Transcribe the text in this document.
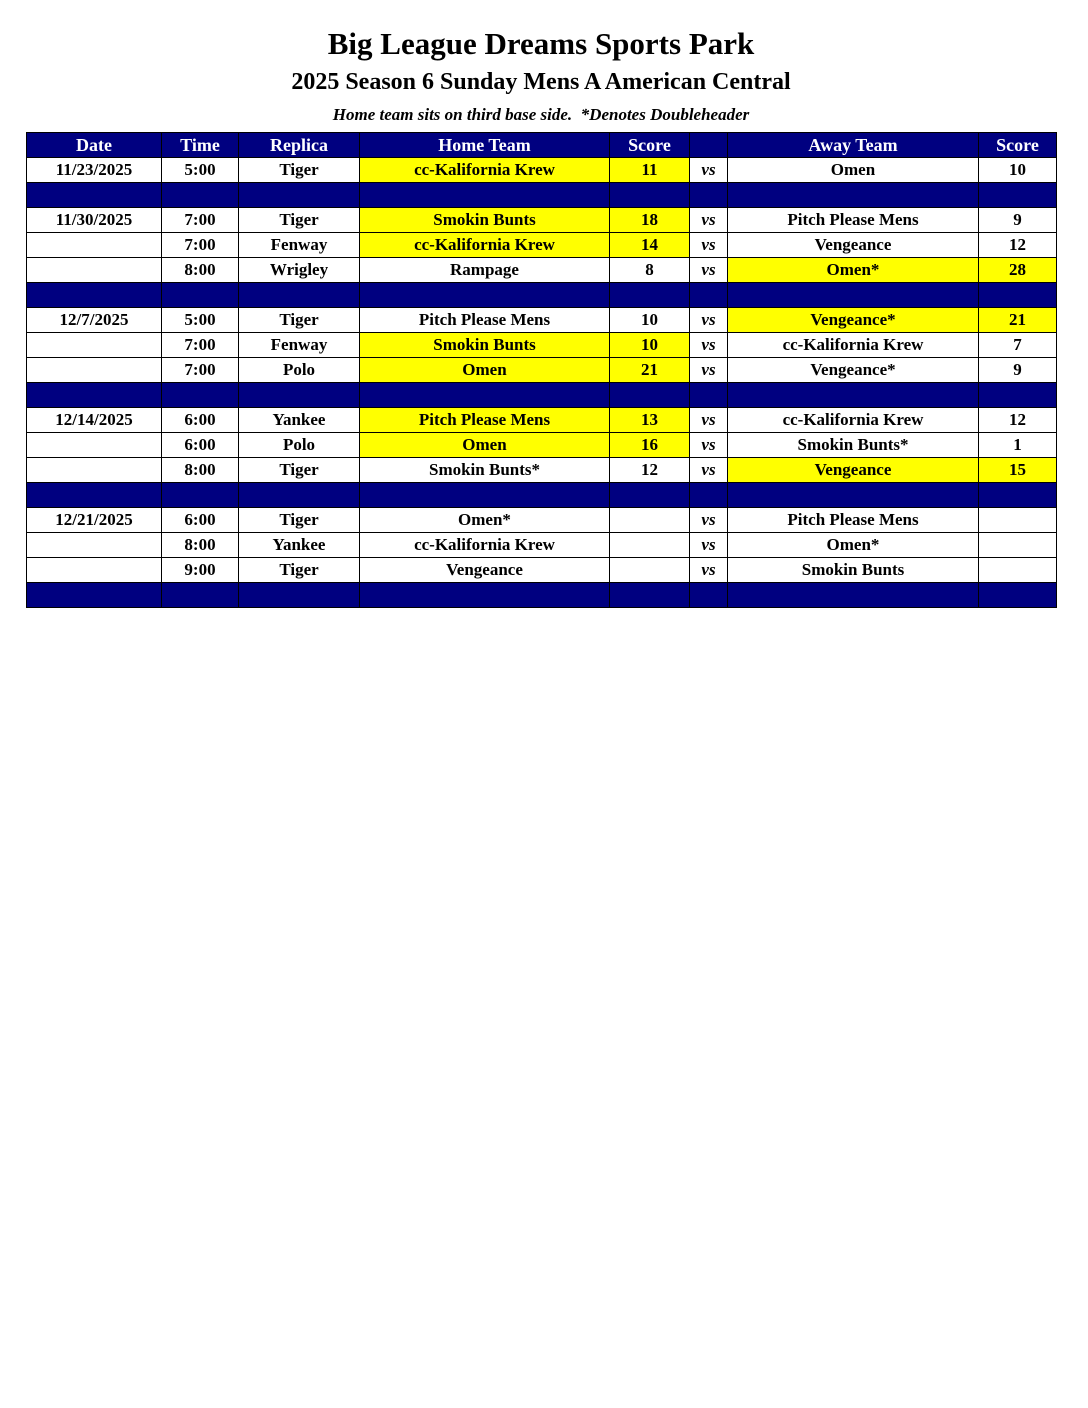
Big League Dreams Sports Park
2025 Season 6 Sunday Mens A American Central
Home team sits on third base side.  *Denotes Doubleheader
Date	Time	Replica	Home Team	Score		Away Team	Score
11/23/2025	5:00	Tiger	cc-Kalifornia Krew	11	vs	Omen	10

11/30/2025	7:00	Tiger	Smokin Bunts	18	vs	Pitch Please Mens	9
	7:00	Fenway	cc-Kalifornia Krew	14	vs	Vengeance	12
	8:00	Wrigley	Rampage	8	vs	Omen*	28

12/7/2025	5:00	Tiger	Pitch Please Mens	10	vs	Vengeance*	21
	7:00	Fenway	Smokin Bunts	10	vs	cc-Kalifornia Krew	7
	7:00	Polo	Omen	21	vs	Vengeance*	9

12/14/2025	6:00	Yankee	Pitch Please Mens	13	vs	cc-Kalifornia Krew	12
	6:00	Polo	Omen	16	vs	Smokin Bunts*	1
	8:00	Tiger	Smokin Bunts*	12	vs	Vengeance	15

12/21/2025	6:00	Tiger	Omen*		vs	Pitch Please Mens	
	8:00	Yankee	cc-Kalifornia Krew		vs	Omen*	
	9:00	Tiger	Vengeance		vs	Smokin Bunts	
